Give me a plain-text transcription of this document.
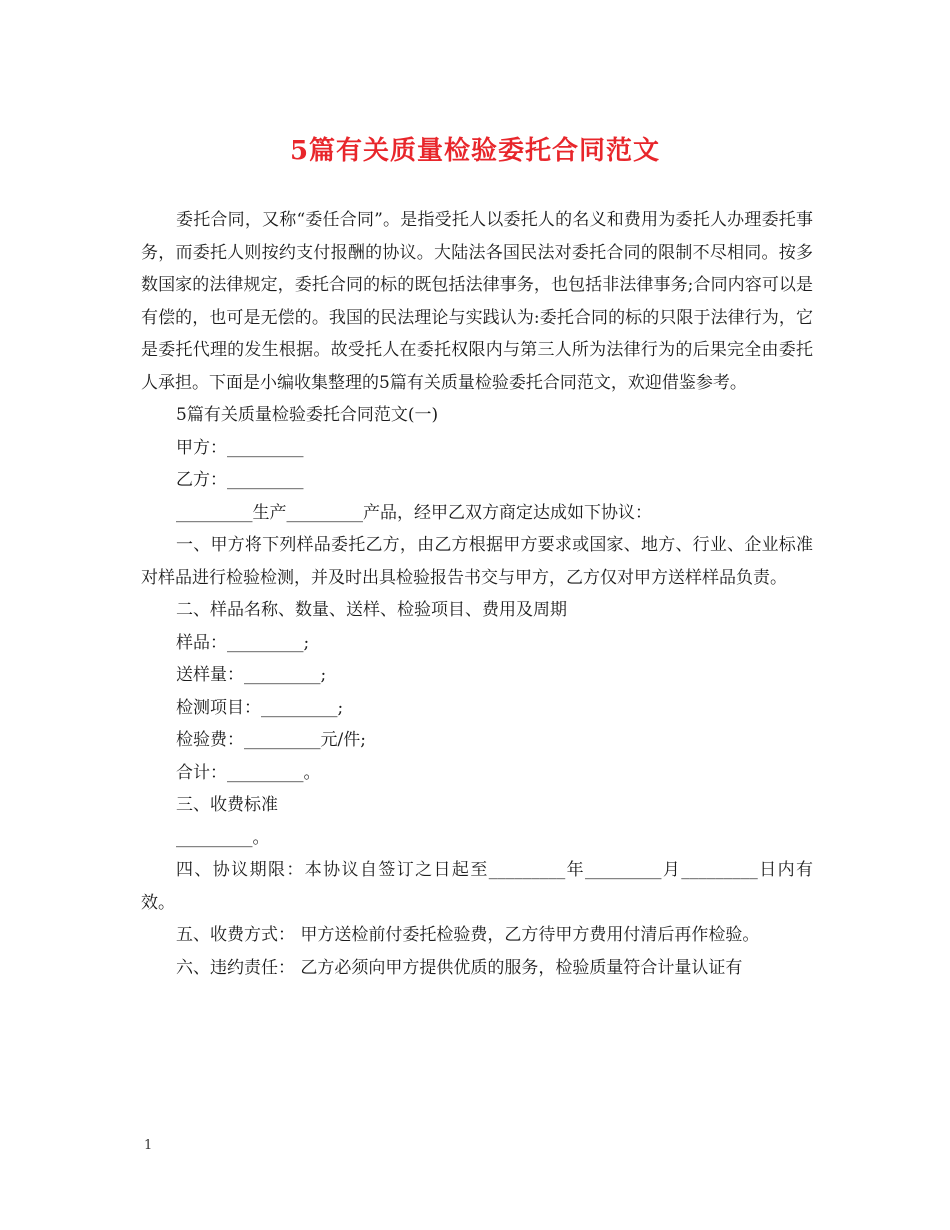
5篇有关质量检验委托合同范文

委托合同，又称“委任合同”。是指受托人以委托人的名义和费用为委托人办理委托事务，而委托人则按约支付报酬的协议。大陆法各国民法对委托合同的限制不尽相同。按多数国家的法律规定，委托合同的标的既包括法律事务，也包括非法律事务;合同内容可以是有偿的，也可是无偿的。我国的民法理论与实践认为:委托合同的标的只限于法律行为，它是委托代理的发生根据。故受托人在委托权限内与第三人所为法律行为的后果完全由委托人承担。下面是小编收集整理的5篇有关质量检验委托合同范文，欢迎借鉴参考。

5篇有关质量检验委托合同范文(一)

甲方：_________

乙方：_________

_________生产_________产品，经甲乙双方商定达成如下协议：

一、甲方将下列样品委托乙方，由乙方根据甲方要求或国家、地方、行业、企业标准对样品进行检验检测，并及时出具检验报告书交与甲方，乙方仅对甲方送样样品负责。

二、样品名称、数量、送样、检验项目、费用及周期

样品：_________;

送样量：_________;

检测项目：_________;

检验费：_________元/件;

合计：_________。

三、收费标准

_________。

四、协议期限：本协议自签订之日起至_________年_________月_________日内有效。

五、收费方式： 甲方送检前付委托检验费，乙方待甲方费用付清后再作检验。

六、违约责任： 乙方必须向甲方提供优质的服务，检验质量符合计量认证有

1
